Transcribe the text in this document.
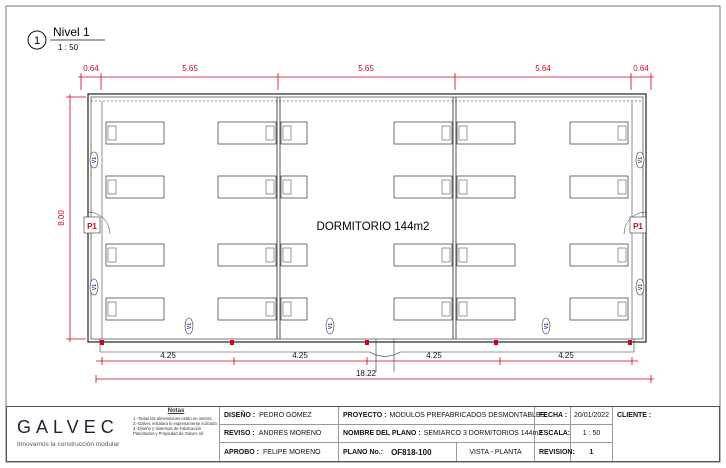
1
Nivel 1
1 : 50
0.64	5.65	5.65	5.64	0.64
8.00
DORMITORIO 144m2
P1	P1
V1
V1
V1
V1
V1	V1	V1
4.25	4.25	4.25	4.25
18.22
GALVEC
Innovamos la construcción modular
Notas
1.-Todas las dimensiones están en metros.
2.-Galvec instalara lo expresamente indicado.
3.-Diseño y Sistemas de Fabricación Patentados y Propiedad de Galvec srl.
DISEÑO : PEDRO GOMEZ
REVISO : ANDRES MORENO
APROBO : FELIPE MORENO
PROYECTO : MODULOS PREFABRICADOS DESMONTABLES
NOMBRE DEL PLANO : SEMIARCO 3 DORMITORIOS 144m2
PLANO No.: OF818-100	VISTA - PLANTA
FECHA : 20/01/2022
ESCALA: 1 : 50
REVISION: 1
CLIENTE :
